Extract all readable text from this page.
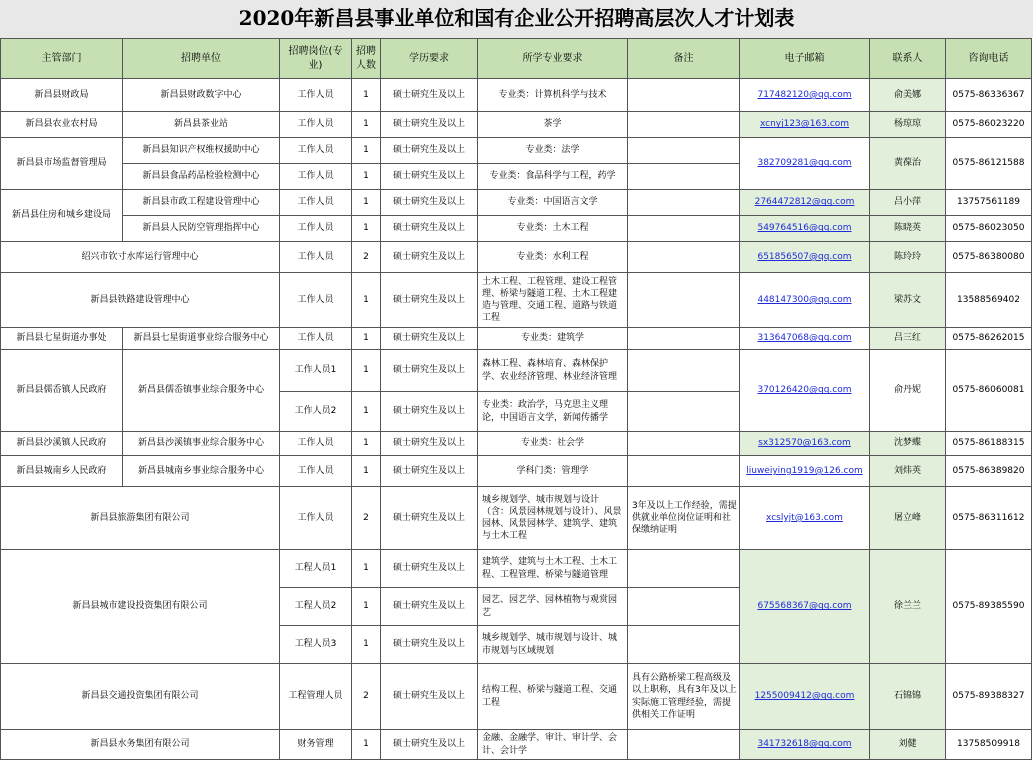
2020年新昌县事业单位和国有企业公开招聘高层次人才计划表
主管部门	招聘单位	招聘岗位(专业)	招聘人数	学历要求	所学专业要求	备注	电子邮箱	联系人	咨询电话
新昌县财政局	新昌县财政数字中心	工作人员	1	硕士研究生及以上	专业类：计算机科学与技术		717482120@qq.com	俞美娜	0575-86336367
新昌县农业农村局	新昌县茶业站	工作人员	1	硕士研究生及以上	茶学		xcnyj123@163.com	杨琼琼	0575-86023220
新昌县市场监督管理局	新昌县知识产权维权援助中心	工作人员	1	硕士研究生及以上	专业类：法学		382709281@qq.com	黄葆治	0575-86121588
	新昌县食品药品检验检测中心	工作人员	1	硕士研究生及以上	专业类：食品科学与工程，药学				
新昌县住房和城乡建设局	新昌县市政工程建设管理中心	工作人员	1	硕士研究生及以上	专业类：中国语言文学		2764472812@qq.com	吕小萍	13757561189
	新昌县人民防空管理指挥中心	工作人员	1	硕士研究生及以上	专业类：土木工程		549764516@qq.com	陈晓英	0575-86023050
绍兴市钦寸水库运行管理中心		工作人员	2	硕士研究生及以上	专业类：水利工程		651856507@qq.com	陈玲玲	0575-86380080
新昌县铁路建设管理中心		工作人员	1	硕士研究生及以上	土木工程、工程管理、建设工程管理、桥梁与隧道工程、土木工程建造与管理、交通工程、道路与铁道工程		448147300@qq.com	梁苏文	13588569402
新昌县七星街道办事处	新昌县七星街道事业综合服务中心	工作人员	1	硕士研究生及以上	专业类：建筑学		313647068@qq.com	吕三红	0575-86262015
新昌县儒岙镇人民政府	新昌县儒岙镇事业综合服务中心	工作人员1	1	硕士研究生及以上	森林工程、森林培育、森林保护学、农业经济管理、林业经济管理		370126420@qq.com	俞丹妮	0575-86060081
		工作人员2	1	硕士研究生及以上	专业类：政治学，马克思主义理论，中国语言文学，新闻传播学				
新昌县沙溪镇人民政府	新昌县沙溪镇事业综合服务中心	工作人员	1	硕士研究生及以上	专业类：社会学		sx312570@163.com	沈梦蝶	0575-86188315
新昌县城南乡人民政府	新昌县城南乡事业综合服务中心	工作人员	1	硕士研究生及以上	学科门类：管理学		liuweiying1919@126.com	刘炜英	0575-86389820
新昌县旅游集团有限公司		工作人员	2	硕士研究生及以上	城乡规划学、城市规划与设计（含：风景园林规划与设计）、风景园林、风景园林学、建筑学、建筑与土木工程	3年及以上工作经验，需提供就业单位岗位证明和社保缴纳证明	xcslyjt@163.com	屠立峰	0575-86311612
新昌县城市建设投资集团有限公司		工程人员1	1	硕士研究生及以上	建筑学、建筑与土木工程、土木工程、工程管理、桥梁与隧道管理		675568367@qq.com	徐兰兰	0575-89385590
		工程人员2	1	硕士研究生及以上	园艺、园艺学、园林植物与观赏园艺				
		工程人员3	1	硕士研究生及以上	城乡规划学、城市规划与设计、城市规划与区域规划				
新昌县交通投资集团有限公司		工程管理人员	2	硕士研究生及以上	结构工程、桥梁与隧道工程、交通工程	具有公路桥梁工程高级及以上职称，具有3年及以上实际施工管理经验，需提供相关工作证明	1255009412@qq.com	石锦锦	0575-89388327
新昌县水务集团有限公司		财务管理	1	硕士研究生及以上	金融、金融学、审计、审计学、会计、会计学		341732618@qq.com	刘健	13758509918
